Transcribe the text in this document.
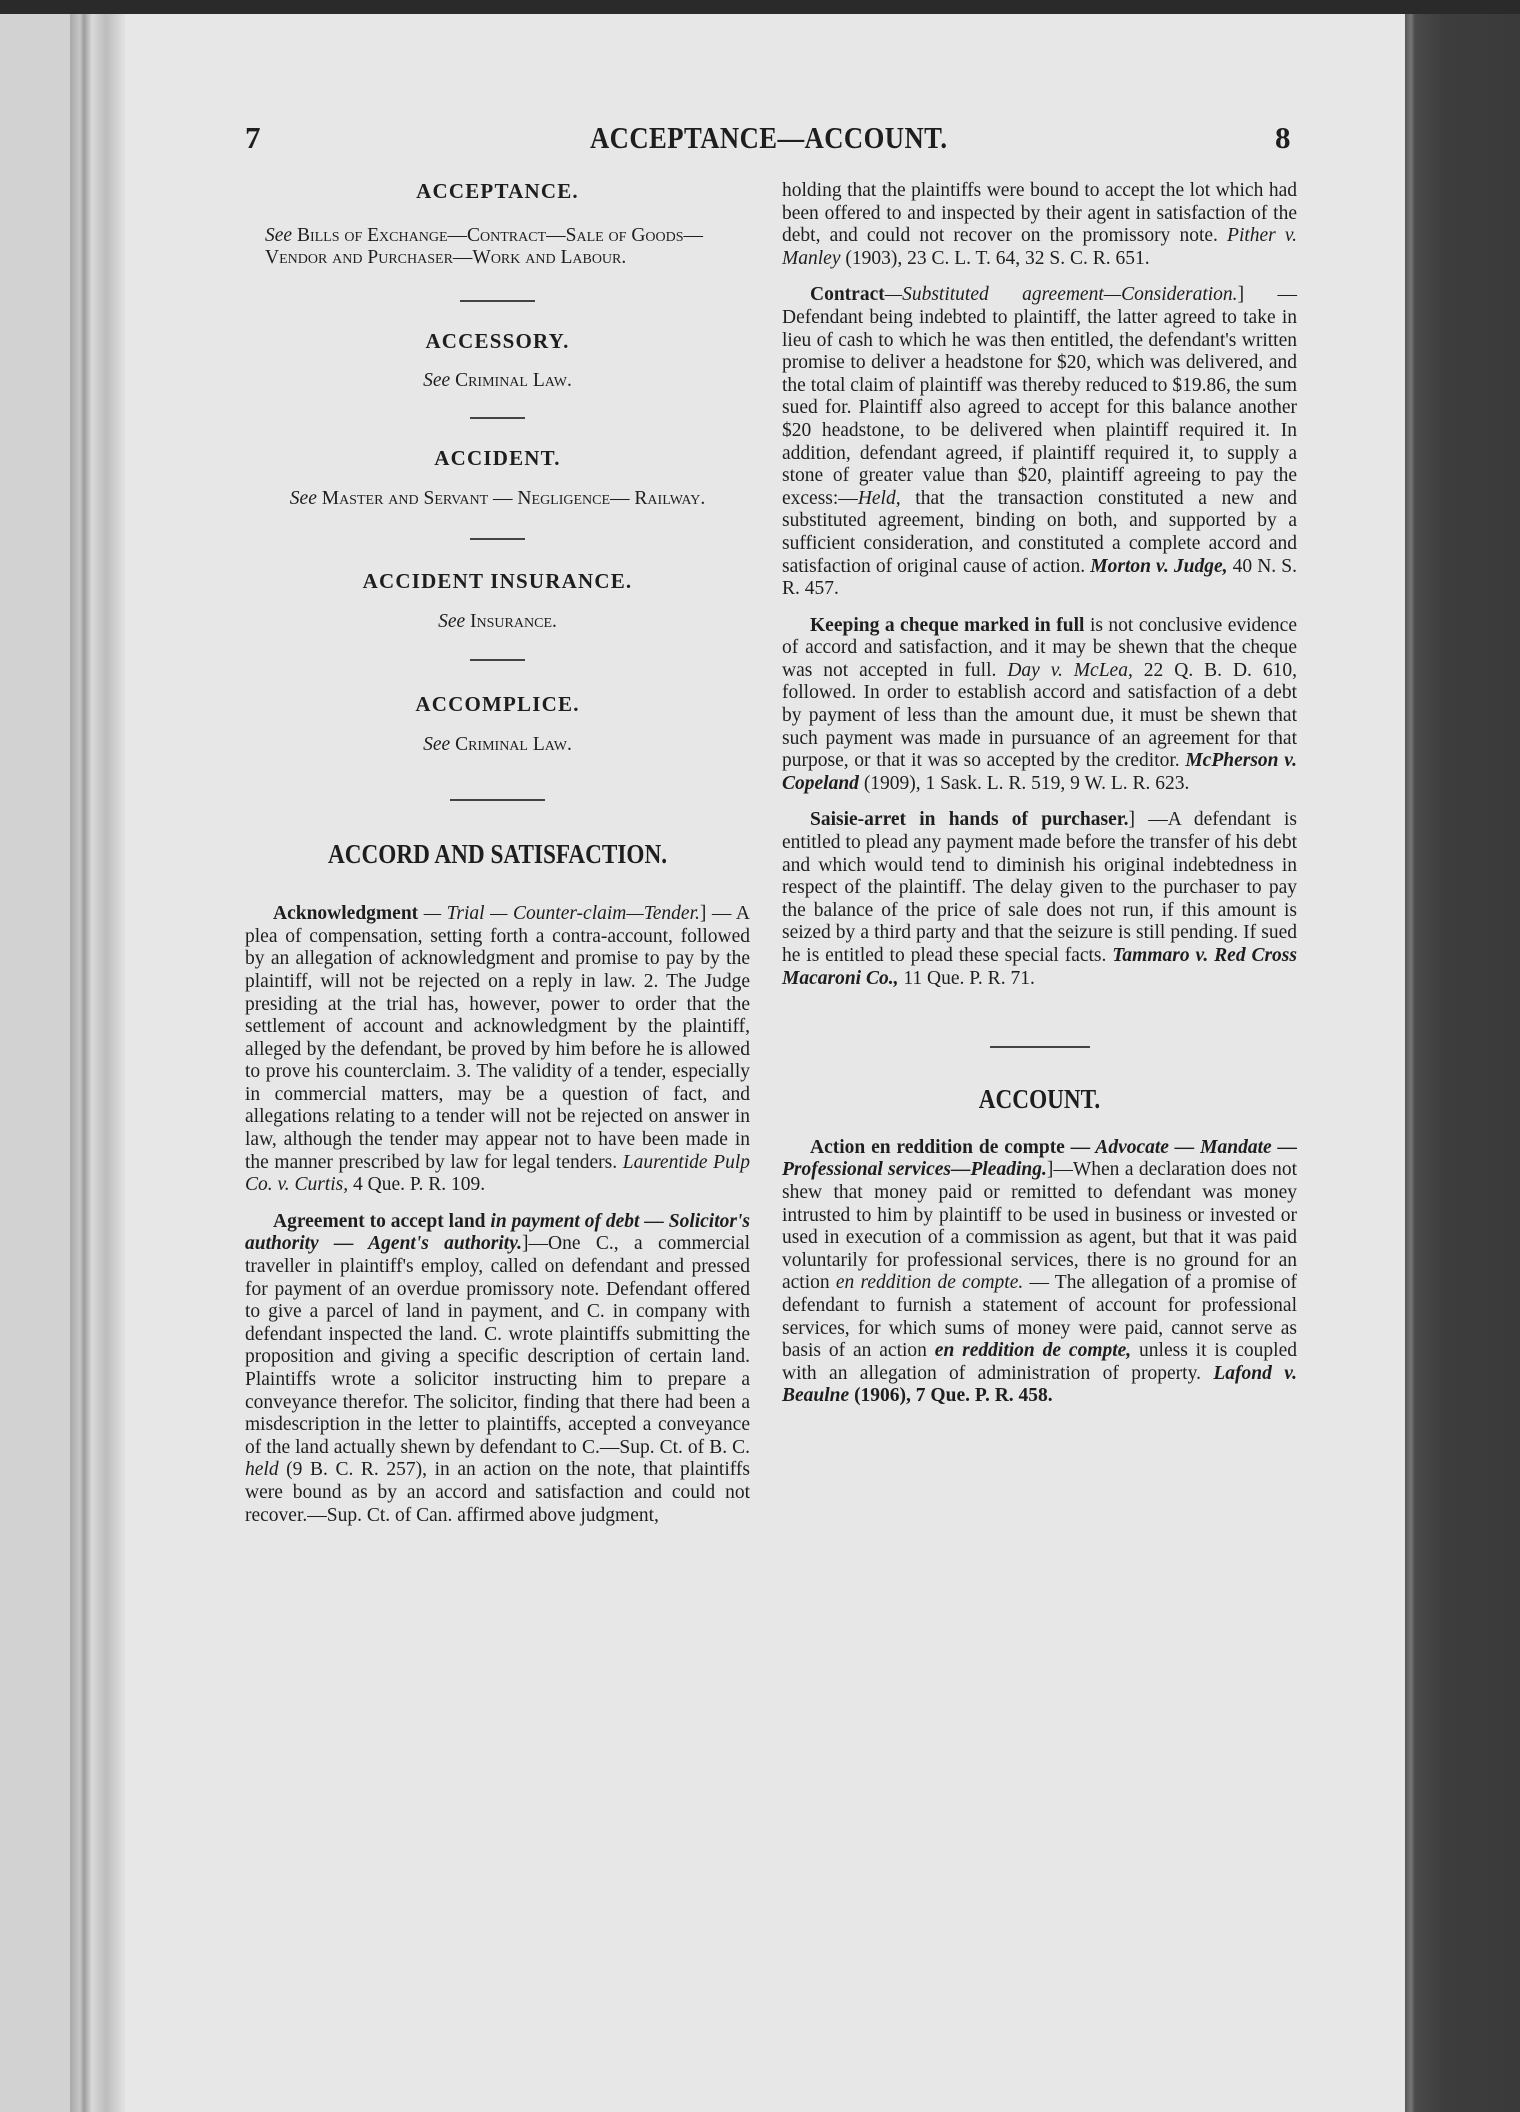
7	ACCEPTANCE—ACCOUNT.	8

ACCEPTANCE.

See Bills of Exchange—Contract—Sale of Goods—Vendor and Purchaser—Work and Labour.

ACCESSORY.

See Criminal Law.

ACCIDENT.

See Master and Servant — Negligence— Railway.

ACCIDENT INSURANCE.

See Insurance.

ACCOMPLICE.

See Criminal Law.

ACCORD AND SATISFACTION.

Acknowledgment — Trial — Counter-claim—Tender.] — A plea of compensation, setting forth a contra-account, followed by an allegation of acknowledgment and promise to pay by the plaintiff, will not be rejected on a reply in law. 2. The Judge presiding at the trial has, however, power to order that the settlement of account and acknowledgment by the plaintiff, alleged by the defendant, be proved by him before he is allowed to prove his counterclaim. 3. The validity of a tender, especially in commercial matters, may be a question of fact, and allegations relating to a tender will not be rejected on answer in law, although the tender may appear not to have been made in the manner prescribed by law for legal tenders. Laurentide Pulp Co. v. Curtis, 4 Que. P. R. 109.

Agreement to accept land in payment of debt — Solicitor's authority — Agent's authority.]—One C., a commercial traveller in plaintiff's employ, called on defendant and pressed for payment of an overdue promissory note. Defendant offered to give a parcel of land in payment, and C. in company with defendant inspected the land. C. wrote plaintiffs submitting the proposition and giving a specific description of certain land. Plaintiffs wrote a solicitor instructing him to prepare a conveyance therefor. The solicitor, finding that there had been a misdescription in the letter to plaintiffs, accepted a conveyance of the land actually shewn by defendant to C.—Sup. Ct. of B. C. held (9 B. C. R. 257), in an action on the note, that plaintiffs were bound as by an accord and satisfaction and could not recover.—Sup. Ct. of Can. affirmed above judgment,

holding that the plaintiffs were bound to accept the lot which had been offered to and inspected by their agent in satisfaction of the debt, and could not recover on the promissory note. Pither v. Manley (1903), 23 C. L. T. 64, 32 S. C. R. 651.

Contract—Substituted agreement—Consideration.] — Defendant being indebted to plaintiff, the latter agreed to take in lieu of cash to which he was then entitled, the defendant's written promise to deliver a headstone for $20, which was delivered, and the total claim of plaintiff was thereby reduced to $19.86, the sum sued for. Plaintiff also agreed to accept for this balance another $20 headstone, to be delivered when plaintiff required it. In addition, defendant agreed, if plaintiff required it, to supply a stone of greater value than $20, plaintiff agreeing to pay the excess:—Held, that the transaction constituted a new and substituted agreement, binding on both, and supported by a sufficient consideration, and constituted a complete accord and satisfaction of original cause of action. Morton v. Judge, 40 N. S. R. 457.

Keeping a cheque marked in full is not conclusive evidence of accord and satisfaction, and it may be shewn that the cheque was not accepted in full. Day v. McLea, 22 Q. B. D. 610, followed. In order to establish accord and satisfaction of a debt by payment of less than the amount due, it must be shewn that such payment was made in pursuance of an agreement for that purpose, or that it was so accepted by the creditor. McPherson v. Copeland (1909), 1 Sask. L. R. 519, 9 W. L. R. 623.

Saisie-arret in hands of purchaser.] —A defendant is entitled to plead any payment made before the transfer of his debt and which would tend to diminish his original indebtedness in respect of the plaintiff. The delay given to the purchaser to pay the balance of the price of sale does not run, if this amount is seized by a third party and that the seizure is still pending. If sued he is entitled to plead these special facts. Tammaro v. Red Cross Macaroni Co., 11 Que. P. R. 71.

ACCOUNT.

Action en reddition de compte — Advocate — Mandate — Professional services—Pleading.]—When a declaration does not shew that money paid or remitted to defendant was money intrusted to him by plaintiff to be used in business or invested or used in execution of a commission as agent, but that it was paid voluntarily for professional services, there is no ground for an action en reddition de compte. — The allegation of a promise of defendant to furnish a statement of account for professional services, for which sums of money were paid, cannot serve as basis of an action en reddition de compte, unless it is coupled with an allegation of administration of property. Lafond v. Beaulne (1906), 7 Que. P. R. 458.
